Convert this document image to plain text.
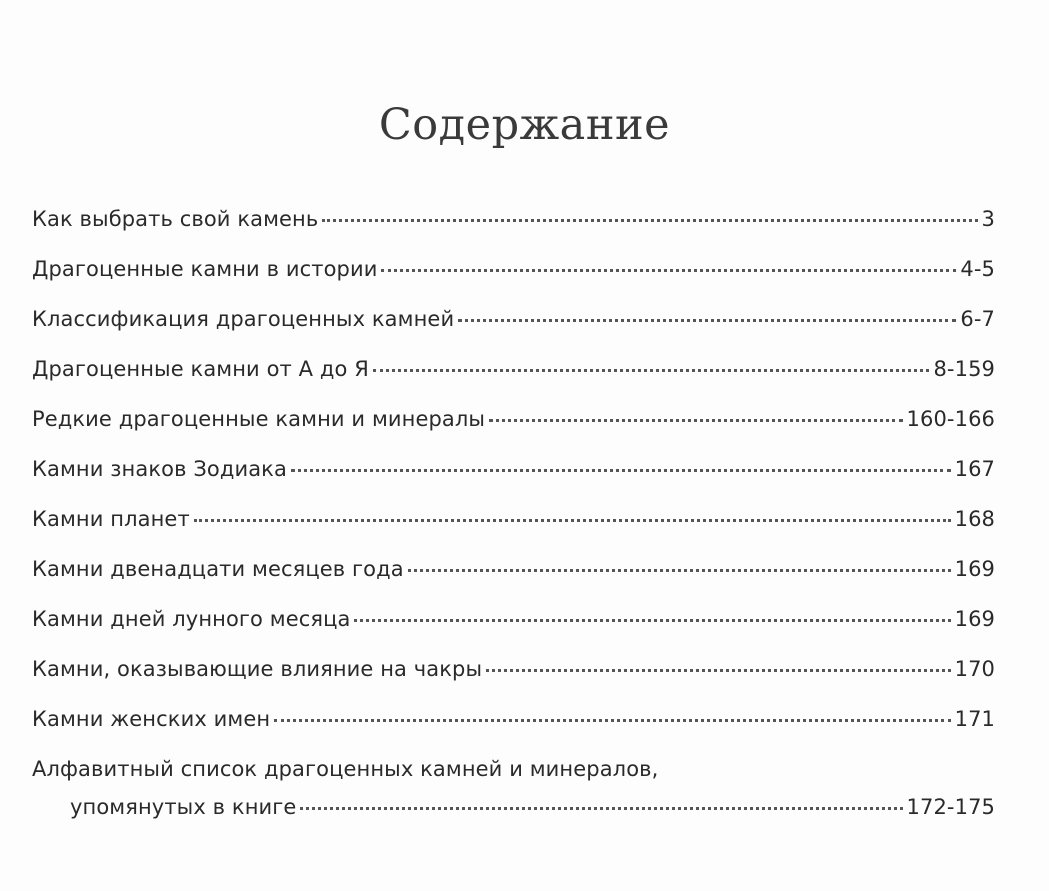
Содержание
Как выбрать свой камень	3
Драгоценные камни в истории	4-5
Классификация драгоценных камней	6-7
Драгоценные камни от А до Я	8-159
Редкие драгоценные камни и минералы	160-166
Камни знаков Зодиака	167
Камни планет	168
Камни двенадцати месяцев года	169
Камни дней лунного месяца	169
Камни, оказывающие влияние на чакры	170
Камни женских имен	171
Алфавитный список драгоценных камней и минералов,
упомянутых в книге	172-175
